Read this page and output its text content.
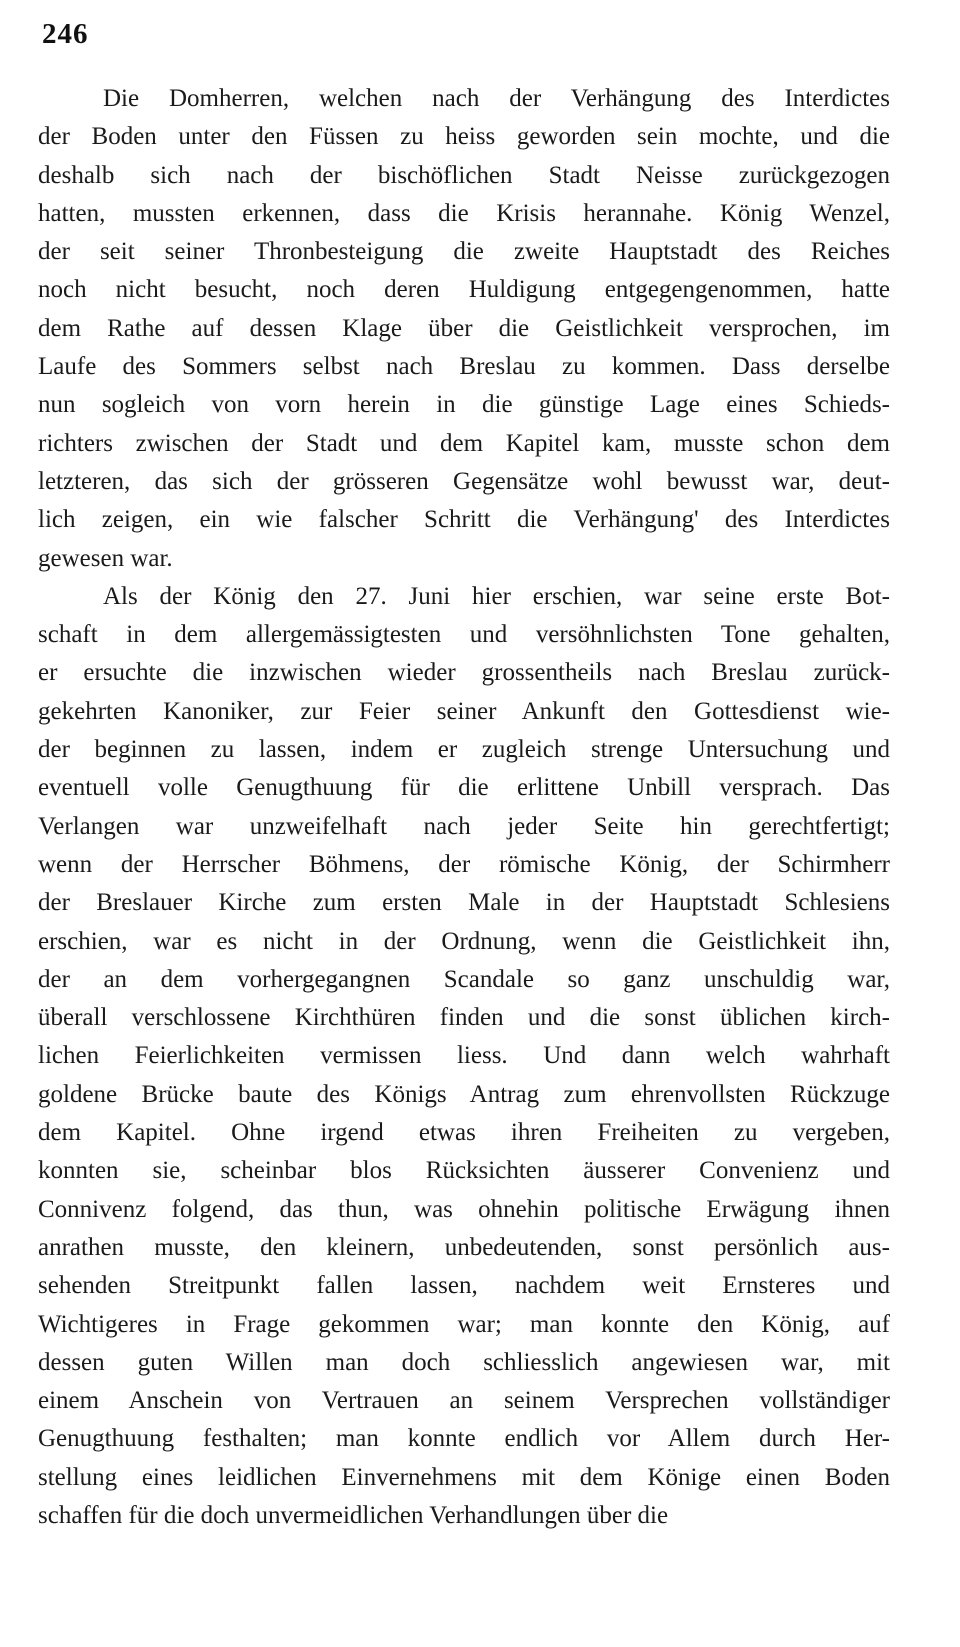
246
Die Domherren, welchen nach der Verhängung des Interdictes
der Boden unter den Füssen zu heiss geworden sein mochte, und die
deshalb sich nach der bischöflichen Stadt Neisse zurückgezogen
hatten, mussten erkennen, dass die Krisis herannahe. König Wenzel,
der seit seiner Thronbesteigung die zweite Hauptstadt des Reiches
noch nicht besucht, noch deren Huldigung entgegengenommen, hatte
dem Rathe auf dessen Klage über die Geistlichkeit versprochen, im
Laufe des Sommers selbst nach Breslau zu kommen. Dass derselbe
nun sogleich von vorn herein in die günstige Lage eines Schieds-
richters zwischen der Stadt und dem Kapitel kam, musste schon dem
letzteren, das sich der grösseren Gegensätze wohl bewusst war, deut-
lich zeigen, ein wie falscher Schritt die Verhängung' des Interdictes
gewesen war.
Als der König den 27. Juni hier erschien, war seine erste Bot-
schaft in dem allergemässigtesten und versöhnlichsten Tone gehalten,
er ersuchte die inzwischen wieder grossentheils nach Breslau zurück-
gekehrten Kanoniker, zur Feier seiner Ankunft den Gottesdienst wie-
der beginnen zu lassen, indem er zugleich strenge Untersuchung und
eventuell volle Genugthuung für die erlittene Unbill versprach. Das
Verlangen war unzweifelhaft nach jeder Seite hin gerechtfertigt;
wenn der Herrscher Böhmens, der römische König, der Schirmherr
der Breslauer Kirche zum ersten Male in der Hauptstadt Schlesiens
erschien, war es nicht in der Ordnung, wenn die Geistlichkeit ihn,
der an dem vorhergegangnen Scandale so ganz unschuldig war,
überall verschlossene Kirchthüren finden und die sonst üblichen kirch-
lichen Feierlichkeiten vermissen liess. Und dann welch wahrhaft
goldene Brücke baute des Königs Antrag zum ehrenvollsten Rückzuge
dem Kapitel. Ohne irgend etwas ihren Freiheiten zu vergeben,
konnten sie, scheinbar blos Rücksichten äusserer Convenienz und
Connivenz folgend, das thun, was ohnehin politische Erwägung ihnen
anrathen musste, den kleinern, unbedeutenden, sonst persönlich aus-
sehenden Streitpunkt fallen lassen, nachdem weit Ernsteres und
Wichtigeres in Frage gekommen war; man konnte den König, auf
dessen guten Willen man doch schliesslich angewiesen war, mit
einem Anschein von Vertrauen an seinem Versprechen vollständiger
Genugthuung festhalten; man konnte endlich vor Allem durch Her-
stellung eines leidlichen Einvernehmens mit dem Könige einen Boden
schaffen für die doch unvermeidlichen Verhandlungen über die
